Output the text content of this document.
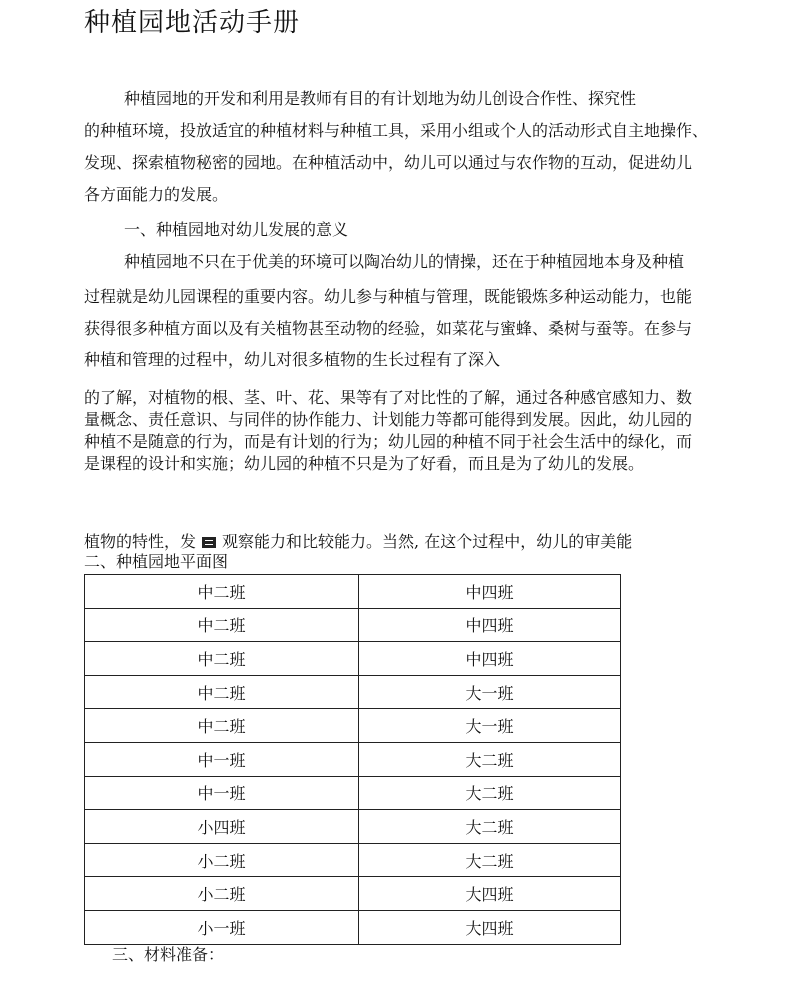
种植园地活动手册
种植园地的开发和利用是教师有目的有计划地为幼儿创设合作性、探究性
的种植环境，投放适宜的种植材料与种植工具，采用小组或个人的活动形式自主地操作、
发现、探索植物秘密的园地。在种植活动中，幼儿可以通过与农作物的互动，促进幼儿
各方面能力的发展。
一、种植园地对幼儿发展的意义
种植园地不只在于优美的环境可以陶冶幼儿的情操，还在于种植园地本身及种植
过程就是幼儿园课程的重要内容。幼儿参与种植与管理，既能锻炼多种运动能力，也能
获得很多种植方面以及有关植物甚至动物的经验，如菜花与蜜蜂、桑树与蚕等。在参与
种植和管理的过程中，幼儿对很多植物的生长过程有了深入
的了解，对植物的根、茎、叶、花、果等有了对比性的了解，通过各种感官感知力、数
量概念、责任意识、与同伴的协作能力、计划能力等都可能得到发展。因此，幼儿园的
种植不是随意的行为，而是有计划的行为；幼儿园的种植不同于社会生活中的绿化，而
是课程的设计和实施；幼儿园的种植不只是为了好看，而且是为了幼儿的发展。
植物的特性，发 观察能力和比较能力。当然, 在这个过程中，幼儿的审美能
二、种植园地平面图
中二班	中四班
中二班	中四班
中二班	中四班
中二班	大一班
中二班	大一班
中一班	大二班
中一班	大二班
小四班	大二班
小二班	大二班
小二班	大四班
小一班	大四班
三、材料准备：
